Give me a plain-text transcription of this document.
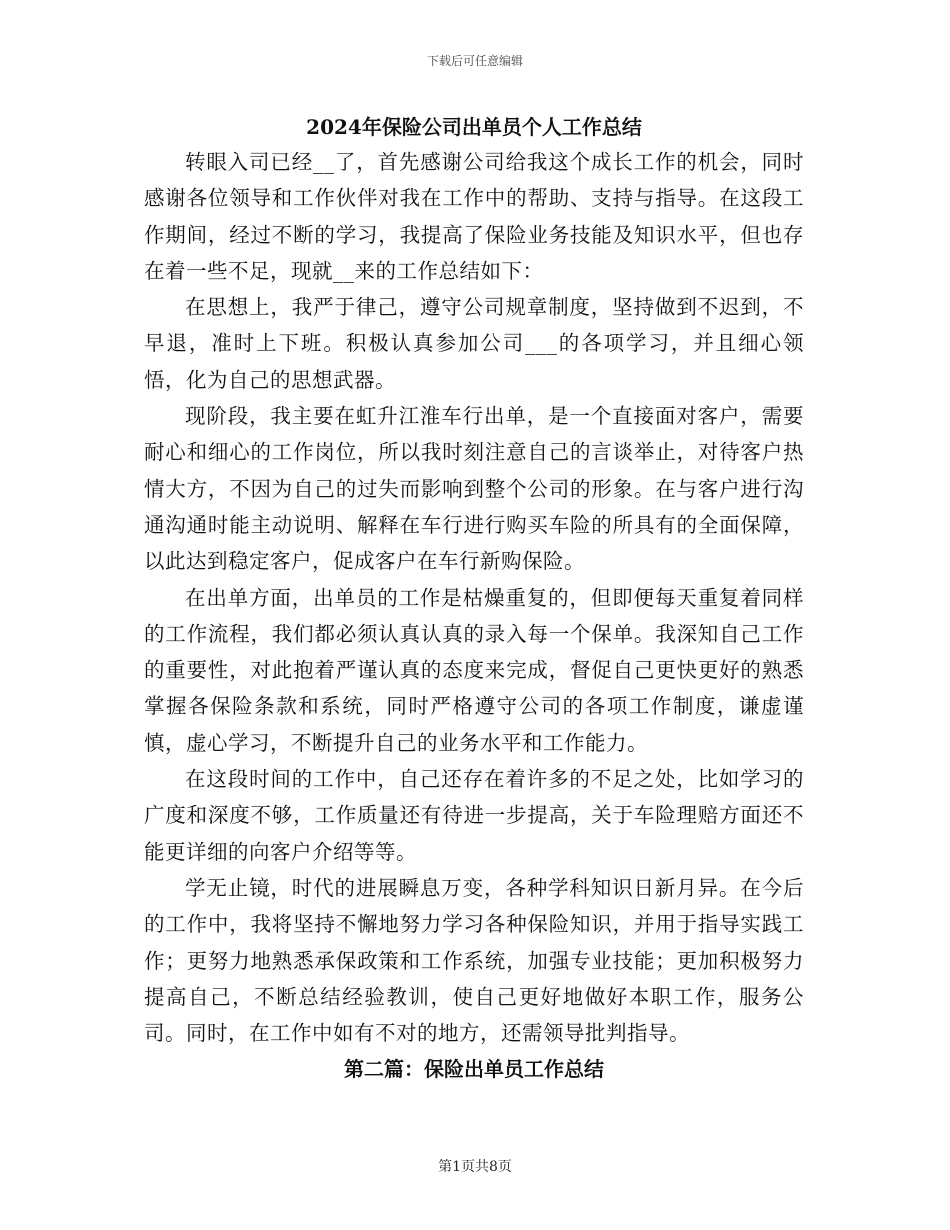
下载后可任意编辑
2024年保险公司出单员个人工作总结

转眼入司已经__了，首先感谢公司给我这个成长工作的机会，同时感谢各位领导和工作伙伴对我在工作中的帮助、支持与指导。在这段工作期间，经过不断的学习，我提高了保险业务技能及知识水平，但也存在着一些不足，现就__来的工作总结如下：

在思想上，我严于律己，遵守公司规章制度，坚持做到不迟到，不早退，准时上下班。积极认真参加公司___的各项学习，并且细心领悟，化为自己的思想武器。

现阶段，我主要在虹升江淮车行出单，是一个直接面对客户，需要耐心和细心的工作岗位，所以我时刻注意自己的言谈举止，对待客户热情大方，不因为自己的过失而影响到整个公司的形象。在与客户进行沟通沟通时能主动说明、解释在车行进行购买车险的所具有的全面保障，以此达到稳定客户，促成客户在车行新购保险。

在出单方面，出单员的工作是枯燥重复的，但即便每天重复着同样的工作流程，我们都必须认真认真的录入每一个保单。我深知自己工作的重要性，对此抱着严谨认真的态度来完成，督促自己更快更好的熟悉掌握各保险条款和系统，同时严格遵守公司的各项工作制度，谦虚谨慎，虚心学习，不断提升自己的业务水平和工作能力。

在这段时间的工作中，自己还存在着许多的不足之处，比如学习的广度和深度不够，工作质量还有待进一步提高，关于车险理赔方面还不能更详细的向客户介绍等等。

学无止镜，时代的进展瞬息万变，各种学科知识日新月异。在今后的工作中，我将坚持不懈地努力学习各种保险知识，并用于指导实践工作；更努力地熟悉承保政策和工作系统，加强专业技能；更加积极努力提高自己，不断总结经验教训，使自己更好地做好本职工作，服务公司。同时，在工作中如有不对的地方，还需领导批判指导。

第二篇：保险出单员工作总结
第1页共8页
